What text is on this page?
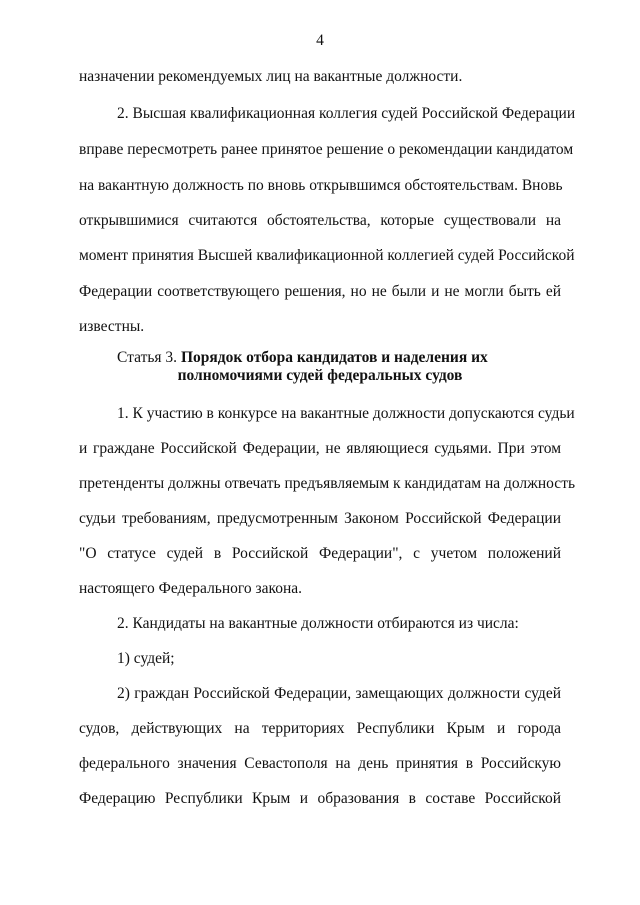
4
назначении рекомендуемых лиц на вакантные должности.
2. Высшая квалификационная коллегия судей Российской Федерации
вправе пересмотреть ранее принятое решение о рекомендации кандидатом
на вакантную должность по вновь открывшимся обстоятельствам. Вновь
открывшимися считаются обстоятельства, которые существовали на
момент принятия Высшей квалификационной коллегией судей Российской
Федерации соответствующего решения, но не были и не могли быть ей
известны.
Статья 3. Порядок отбора кандидатов и наделения их
полномочиями судей федеральных судов
1. К участию в конкурсе на вакантные должности допускаются судьи
и граждане Российской Федерации, не являющиеся судьями. При этом
претенденты должны отвечать предъявляемым к кандидатам на должность
судьи требованиям, предусмотренным Законом Российской Федерации
"О статусе судей в Российской Федерации", с учетом положений
настоящего Федерального закона.
2. Кандидаты на вакантные должности отбираются из числа:
1) судей;
2) граждан Российской Федерации, замещающих должности судей
судов, действующих на территориях Республики Крым и города
федерального значения Севастополя на день принятия в Российскую
Федерацию Республики Крым и образования в составе Российской
